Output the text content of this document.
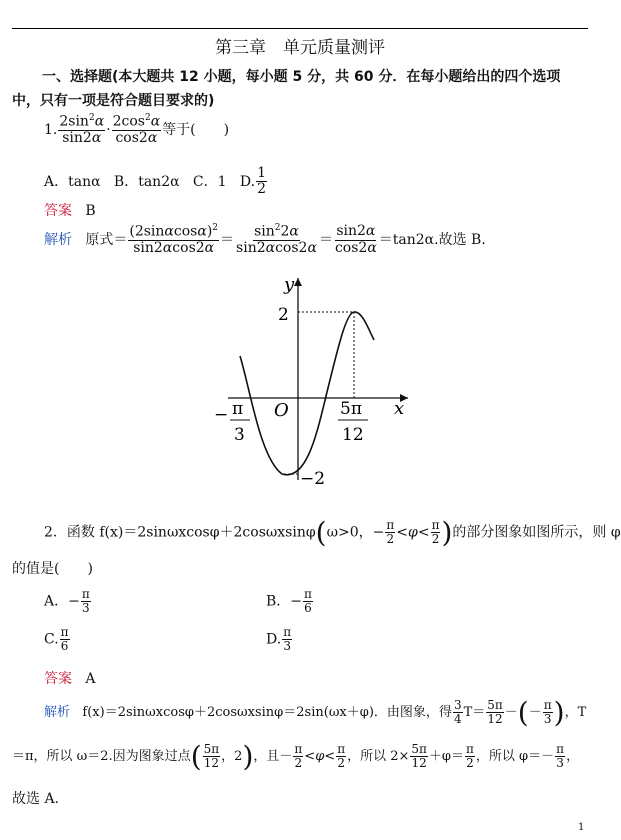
第三章　单元质量测评
一、选择题(本大题共 12 小题，每小题 5 分，共 60 分．在每小题给出的四个选项
中，只有一项是符合题目要求的)
1. $\frac{2\sin^2\alpha}{\sin 2\alpha} \cdot \frac{2\cos^2\alpha}{\cos 2\alpha}$ 等于(　　)
A．tanα B．tan2α C．1 D. $\frac{1}{2}$
答案 B
解析 原式＝ $\frac{(2\sin\alpha\cos\alpha)^2}{\sin 2\alpha\cos 2\alpha} = \frac{\sin^22\alpha}{\sin 2\alpha\cos 2\alpha} = \frac{\sin 2\alpha}{\cos 2\alpha} =\tan 2\alpha$.故选 B.
y
x
O
2
−2
− π
3
5π
12
2．函数 f(x)＝2sinωxcosφ＋2cosωxsinφ(ω>0，− $\frac{\pi}{2} <\varphi< \frac{\pi}{2}$ )的部分图象如图所示，则 φ
的值是(　　)
A．− $\frac{\pi}{3}$	B．− $\frac{\pi}{6}$
C. $\frac{\pi}{6}$	D. $\frac{\pi}{3}$
答案 A
解析 f(x)＝2sinωxcosφ＋2cosωxsinφ＝2sin(ωx＋φ)．由图象，得 $\frac{3}{4} T= \frac{5\pi}{12}$ －(－ $\frac{\pi}{3}$ )，T
＝π，所以 ω＝2.因为图象过点( $\frac{5\pi}{12}$ ，2)，且－ $\frac{\pi}{2} <\varphi< \frac{\pi}{2}$ ，所以 $2\times \frac{5\pi}{12} +\varphi= \frac{\pi}{2}$ ，所以 $\varphi=- \frac{\pi}{3}$ ，
故选 A.
1
